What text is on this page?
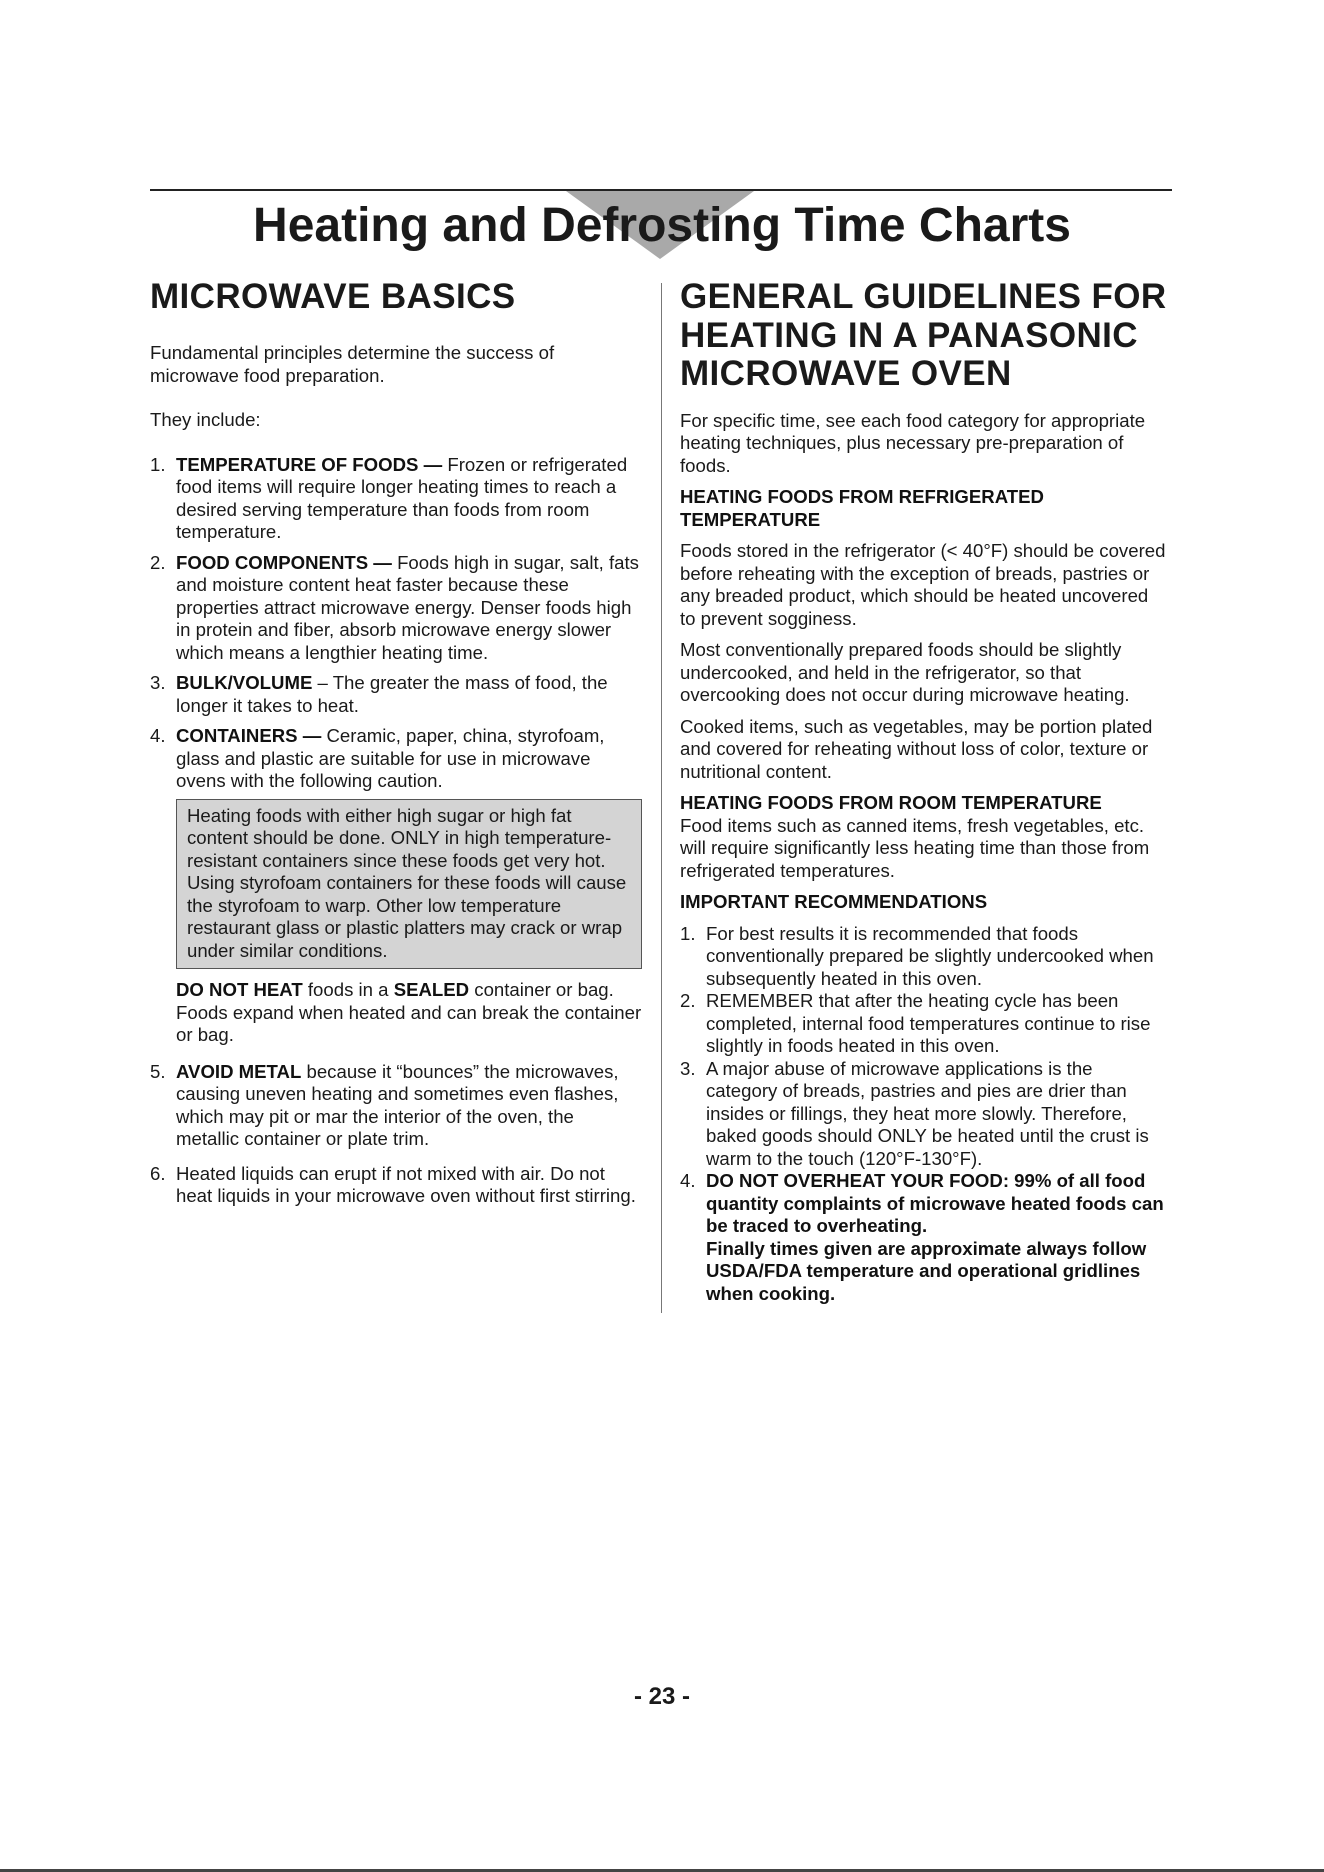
Heating and Defrosting Time Charts
MICROWAVE BASICS

Fundamental principles determine the success of microwave food preparation.

They include:

1. TEMPERATURE OF FOODS — Frozen or refrigerated food items will require longer heating times to reach a desired serving temperature than foods from room temperature.
2. FOOD COMPONENTS — Foods high in sugar, salt, fats and moisture content heat faster because these properties attract microwave energy. Denser foods high in protein and fiber, absorb microwave energy slower which means a lengthier heating time.
3. BULK/VOLUME – The greater the mass of food, the longer it takes to heat.
4. CONTAINERS — Ceramic, paper, china, styrofoam, glass and plastic are suitable for use in microwave ovens with the following caution.
Heating foods with either high sugar or high fat content should be done. ONLY in high temperature-resistant containers since these foods get very hot. Using styrofoam containers for these foods will cause the styrofoam to warp. Other low temperature restaurant glass or plastic platters may crack or wrap under similar conditions.

DO NOT HEAT foods in a SEALED container or bag. Foods expand when heated and can break the container or bag.

5. AVOID METAL because it “bounces” the microwaves, causing uneven heating and sometimes even flashes, which may pit or mar the interior of the oven, the metallic container or plate trim.
6. Heated liquids can erupt if not mixed with air. Do not heat liquids in your microwave oven without first stirring.
GENERAL GUIDELINES FOR HEATING IN A PANASONIC MICROWAVE OVEN

For specific time, see each food category for appropriate heating techniques, plus necessary pre-preparation of foods.

HEATING FOODS FROM REFRIGERATED TEMPERATURE

Foods stored in the refrigerator (< 40°F) should be covered before reheating with the exception of breads, pastries or any breaded product, which should be heated uncovered to prevent sogginess.

Most conventionally prepared foods should be slightly undercooked, and held in the refrigerator, so that overcooking does not occur during microwave heating.

Cooked items, such as vegetables, may be portion plated and covered for reheating without loss of color, texture or nutritional content.

HEATING FOODS FROM ROOM TEMPERATURE

Food items such as canned items, fresh vegetables, etc. will require significantly less heating time than those from refrigerated temperatures.

IMPORTANT RECOMMENDATIONS
1. For best results it is recommended that foods conventionally prepared be slightly undercooked when subsequently heated in this oven.
2. REMEMBER that after the heating cycle has been completed, internal food temperatures continue to rise slightly in foods heated in this oven.
3. A major abuse of microwave applications is the category of breads, pastries and pies are drier than insides or fillings, they heat more slowly. Therefore, baked goods should ONLY be heated until the crust is warm to the touch (120°F-130°F).
4. DO NOT OVERHEAT YOUR FOOD: 99% of all food quantity complaints of microwave heated foods can be traced to overheating.
Finally times given are approximate always follow USDA/FDA temperature and operational gridlines when cooking.
- 23 -
